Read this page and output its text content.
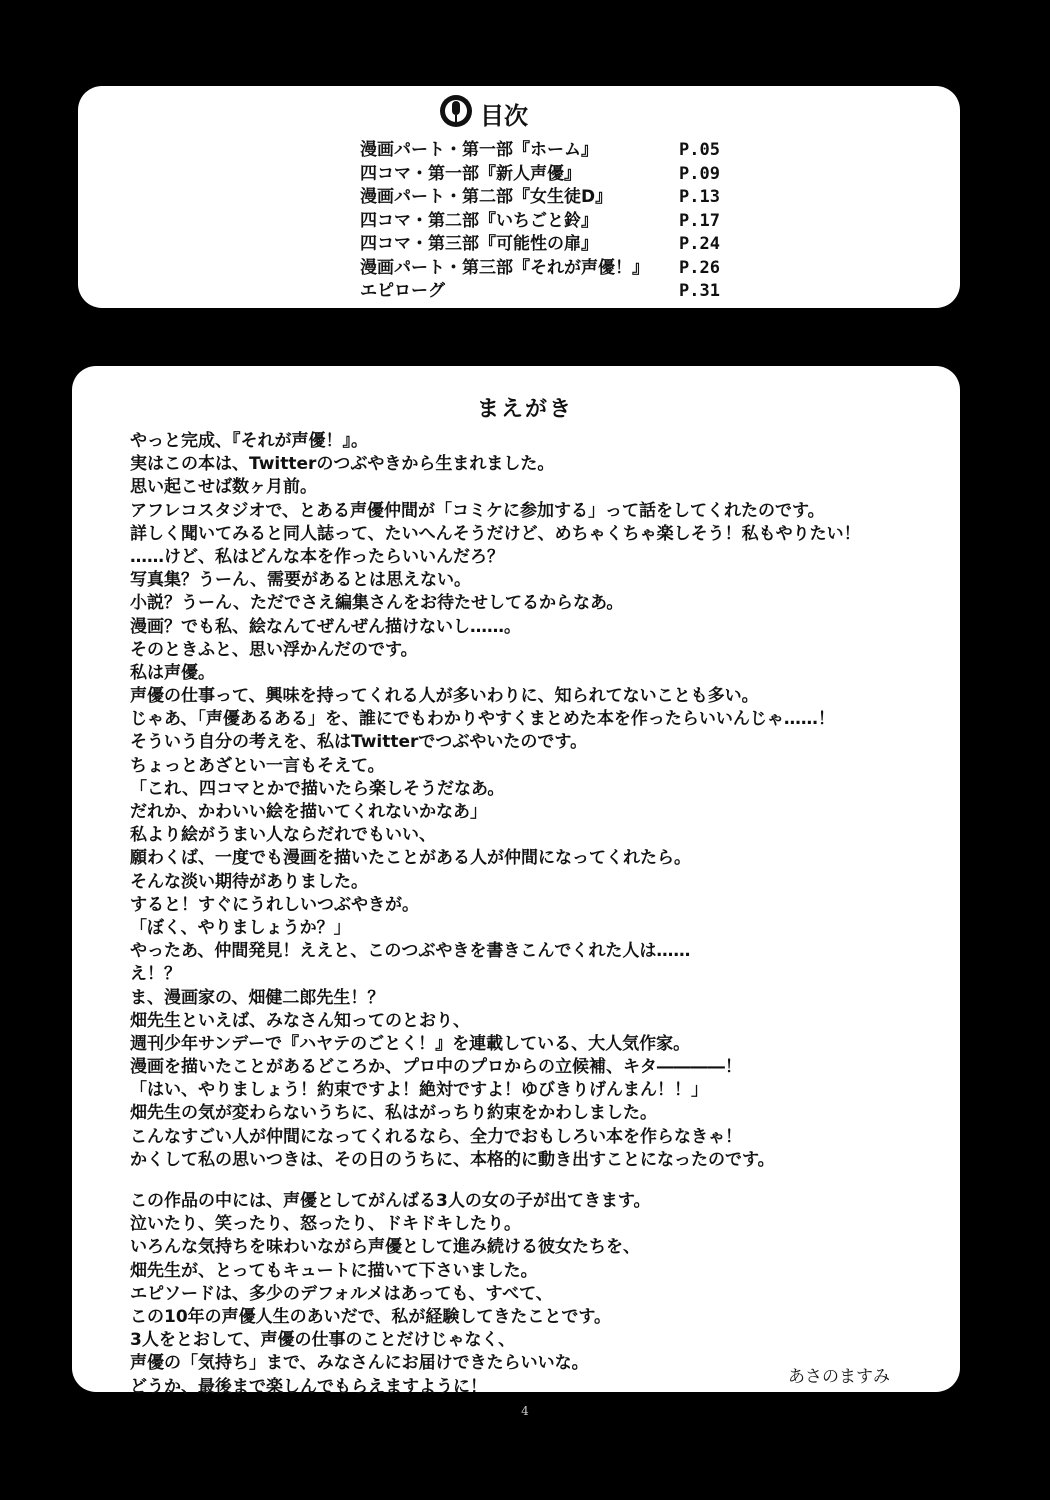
目次
漫画パート・第一部『ホーム』	P.05
四コマ・第一部『新人声優』	P.09
漫画パート・第二部『女生徒D』	P.13
四コマ・第二部『いちごと鈴』	P.17
四コマ・第三部『可能性の扉』	P.24
漫画パート・第三部『それが声優！』 P.26
エピローグ	P.31
まえがき
やっと完成、『それが声優！』。
実はこの本は、Twitterのつぶやきから生まれました。
思い起こせば数ヶ月前。
アフレコスタジオで、とある声優仲間が「コミケに参加する」って話をしてくれたのです。
詳しく聞いてみると同人誌って、たいへんそうだけど、めちゃくちゃ楽しそう！私もやりたい！
……けど、私はどんな本を作ったらいいんだろ？
写真集？うーん、需要があるとは思えない。
小説？うーん、ただでさえ編集さんをお待たせしてるからなあ。
漫画？でも私、絵なんてぜんぜん描けないし……。
そのときふと、思い浮かんだのです。
私は声優。
声優の仕事って、興味を持ってくれる人が多いわりに、知られてないことも多い。
じゃあ、「声優あるある」を、誰にでもわかりやすくまとめた本を作ったらいいんじゃ……！
そういう自分の考えを、私はTwitterでつぶやいたのです。
ちょっとあざとい一言もそえて。
「これ、四コマとかで描いたら楽しそうだなあ。
だれか、かわいい絵を描いてくれないかなあ」
私より絵がうまい人ならだれでもいい、
願わくば、一度でも漫画を描いたことがある人が仲間になってくれたら。
そんな淡い期待がありました。
すると！すぐにうれしいつぶやきが。
「ぼく、やりましょうか？」
やったあ、仲間発見！ええと、このつぶやきを書きこんでくれた人は……
え！？
ま、漫画家の、畑健二郎先生！？
畑先生といえば、みなさん知ってのとおり、
週刊少年サンデーで『ハヤテのごとく！』を連載している、大人気作家。
漫画を描いたことがあるどころか、プロ中のプロからの立候補、キタ――――！
「はい、やりましょう！約束ですよ！絶対ですよ！ゆびきりげんまん！！」
畑先生の気が変わらないうちに、私はがっちり約束をかわしました。
こんなすごい人が仲間になってくれるなら、全力でおもしろい本を作らなきゃ！
かくして私の思いつきは、その日のうちに、本格的に動き出すことになったのです。
この作品の中には、声優としてがんばる3人の女の子が出てきます。
泣いたり、笑ったり、怒ったり、ドキドキしたり。
いろんな気持ちを味わいながら声優として進み続ける彼女たちを、
畑先生が、とってもキュートに描いて下さいました。
エピソードは、多少のデフォルメはあっても、すべて、
この10年の声優人生のあいだで、私が経験してきたことです。
3人をとおして、声優の仕事のことだけじゃなく、
声優の「気持ち」まで、みなさんにお届けできたらいいな。
どうか、最後まで楽しんでもらえますように！	あさのますみ
4
